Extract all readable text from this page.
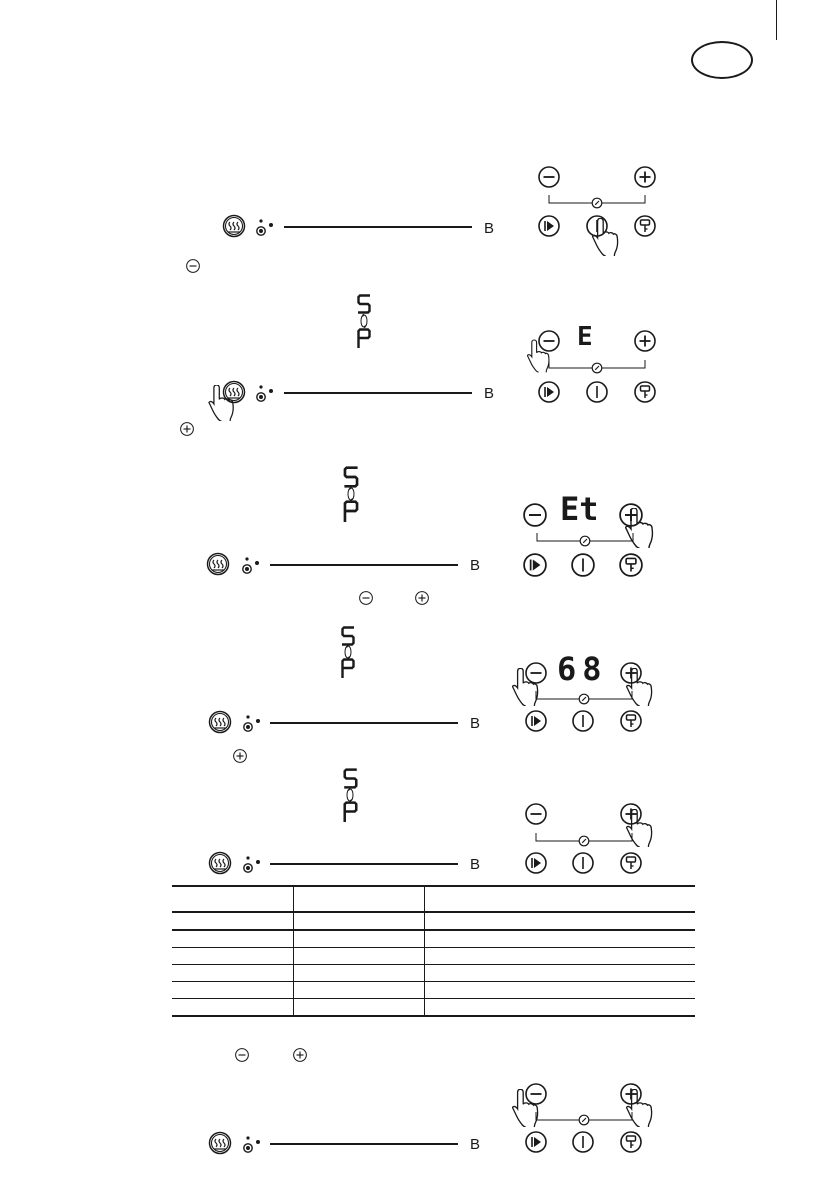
B
B
E
B
Et
B
68
B

B
